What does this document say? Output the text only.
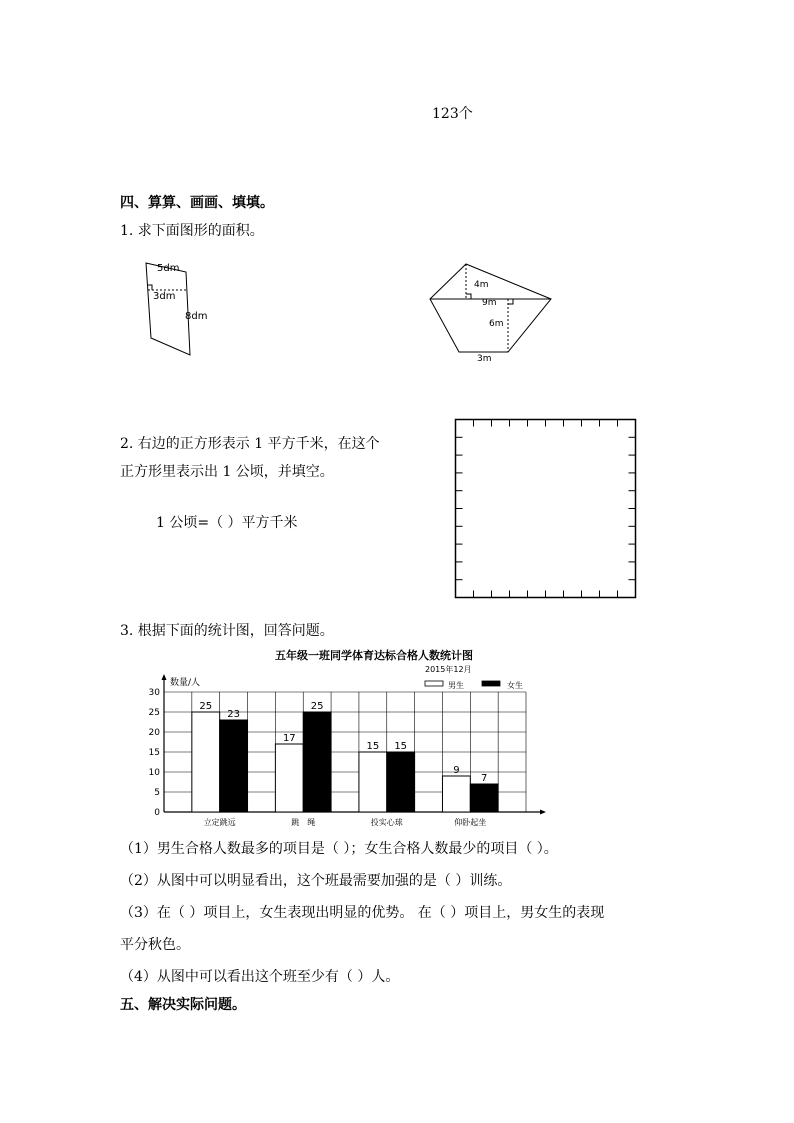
123个
四、算算、画画、填填。
1. 求下面图形的面积。
5dm
3dm
8dm
4m
9m
6m
3m
2. 右边的正方形表示 1 平方千米，在这个
正方形里表示出 1 公顷，并填空。
1 公顷=（ ）平方千米
3. 根据下面的统计图，回答问题。
五年级一班同学体育达标合格人数统计图
2015年12月
数量/人	男生	女生
0
5
10
15
20
25
30
25
23
立定跳远
17
25
跳　绳
15 15
投实心球
9
7
仰卧起坐
（1）男生合格人数最多的项目是（ ）；女生合格人数最少的项目（ ）。
（2）从图中可以明显看出，这个班最需要加强的是（ ）训练。
（3）在（ ）项目上，女生表现出明显的优势。 在（ ）项目上，男女生的表现
平分秋色。
（4）从图中可以看出这个班至少有（ ）人。
五、解决实际问题。
